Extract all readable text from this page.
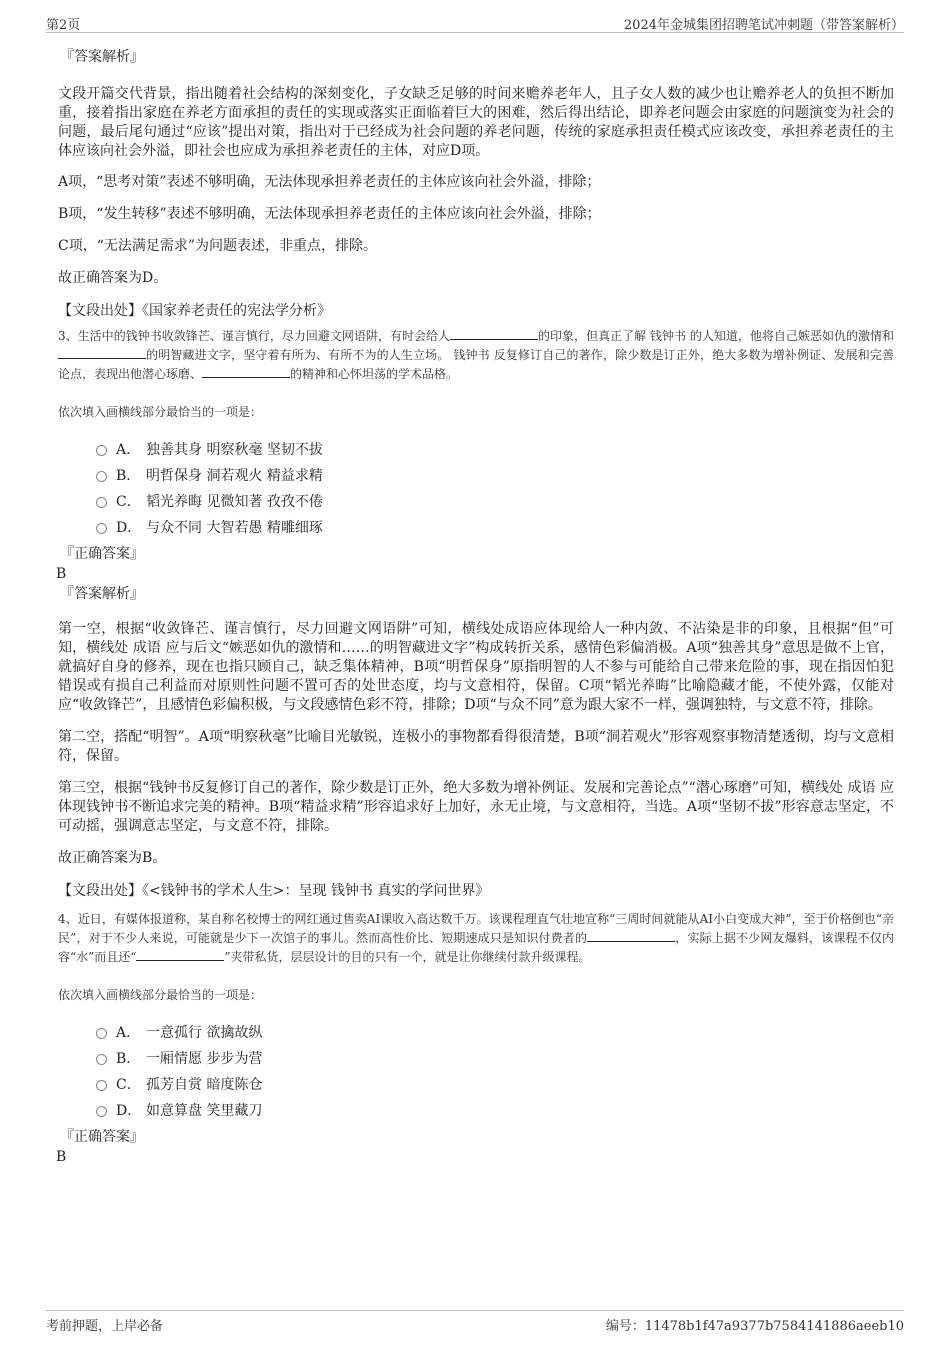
第2页	2024年金城集团招聘笔试冲刺题（带答案解析）
『答案解析』

文段开篇交代背景，指出随着社会结构的深刻变化，子女缺乏足够的时间来赡养老年人，且子女人数的减少也让赡养老人的负担不断加重，接着指出家庭在养老方面承担的责任的实现或落实正面临着巨大的困难，然后得出结论，即养老问题会由家庭的问题演变为社会的问题，最后尾句通过“应该”提出对策，指出对于已经成为社会问题的养老问题，传统的家庭承担责任模式应该改变，承担养老责任的主体应该向社会外溢，即社会也应成为承担养老责任的主体，对应D项。

A项，“思考对策”表述不够明确，无法体现承担养老责任的主体应该向社会外溢，排除；

B项，“发生转移”表述不够明确，无法体现承担养老责任的主体应该向社会外溢，排除；

C项，“无法满足需求”为问题表述，非重点，排除。

故正确答案为D。

【文段出处】《国家养老责任的宪法学分析》

3、生活中的钱钟书收敛锋芒、谨言慎行，尽力回避文网语阱，有时会给人	的印象，但真正了解 钱钟书 的人知道，他将自己嫉恶如仇的激情和的明智藏进文字，坚守着有所为、有所不为的人生立场。 钱钟书 反复修订自己的著作，除少数是订正外，绝大多数为增补例证、发展和完善论点，表现出他潜心琢磨、	的精神和心怀坦荡的学术品格。

依次填入画横线部分最恰当的一项是：

A． 独善其身 明察秋毫 坚韧不拔
B． 明哲保身 洞若观火 精益求精
C． 韬光养晦 见微知著 孜孜不倦
D． 与众不同 大智若愚 精雕细琢
『正确答案』
B
『答案解析』

第一空，根据“收敛锋芒、谨言慎行，尽力回避文网语阱”可知，横线处成语应体现给人一种内敛、不沾染是非的印象，且根据“但”可知，横线处 成语 应与后文“嫉恶如仇的激情和……的明智藏进文字”构成转折关系，感情色彩偏消极。A项“独善其身”意思是做不上官，就搞好自身的修养，现在也指只顾自己，缺乏集体精神，B项“明哲保身”原指明智的人不参与可能给自己带来危险的事，现在指因怕犯错误或有损自己利益而对原则性问题不置可否的处世态度，均与文意相符，保留。C项“韬光养晦”比喻隐藏才能，不使外露，仅能对应“收敛锋芒”，且感情色彩偏积极，与文段感情色彩不符，排除；D项“与众不同”意为跟大家不一样，强调独特，与文意不符，排除。

第二空，搭配“明智”。A项“明察秋毫”比喻目光敏锐，连极小的事物都看得很清楚，B项“洞若观火”形容观察事物清楚透彻，均与文意相符，保留。

第三空，根据“钱钟书反复修订自己的著作，除少数是订正外，绝大多数为增补例证、发展和完善论点”“潜心琢磨”可知，横线处 成语 应体现钱钟书不断追求完美的精神。B项“精益求精”形容追求好上加好，永无止境，与文意相符，当选。A项“坚韧不拔”形容意志坚定，不可动摇，强调意志坚定，与文意不符，排除。

故正确答案为B。

【文段出处】《<钱钟书的学术人生>：呈现 钱钟书 真实的学问世界》

4、近日，有媒体报道称，某自称名校博士的网红通过售卖AI课收入高达数千万。该课程理直气壮地宣称“三周时间就能从AI小白变成大神”，至于价格倒也“亲民”，对于不少人来说，可能就是少下一次馆子的事儿。然而高性价比、短期速成只是知识付费者的	，实际上据不少网友爆料，该课程不仅内容“水”而且还“	”夹带私货，层层设计的目的只有一个，就是让你继续付款升级课程。

依次填入画横线部分最恰当的一项是：

A． 一意孤行 欲擒故纵
B． 一厢情愿 步步为营
C． 孤芳自赏 暗度陈仓
D． 如意算盘 笑里藏刀
『正确答案』
B
考前押题，上岸必备	编号：11478b1f47a9377b7584141886aeeb10
